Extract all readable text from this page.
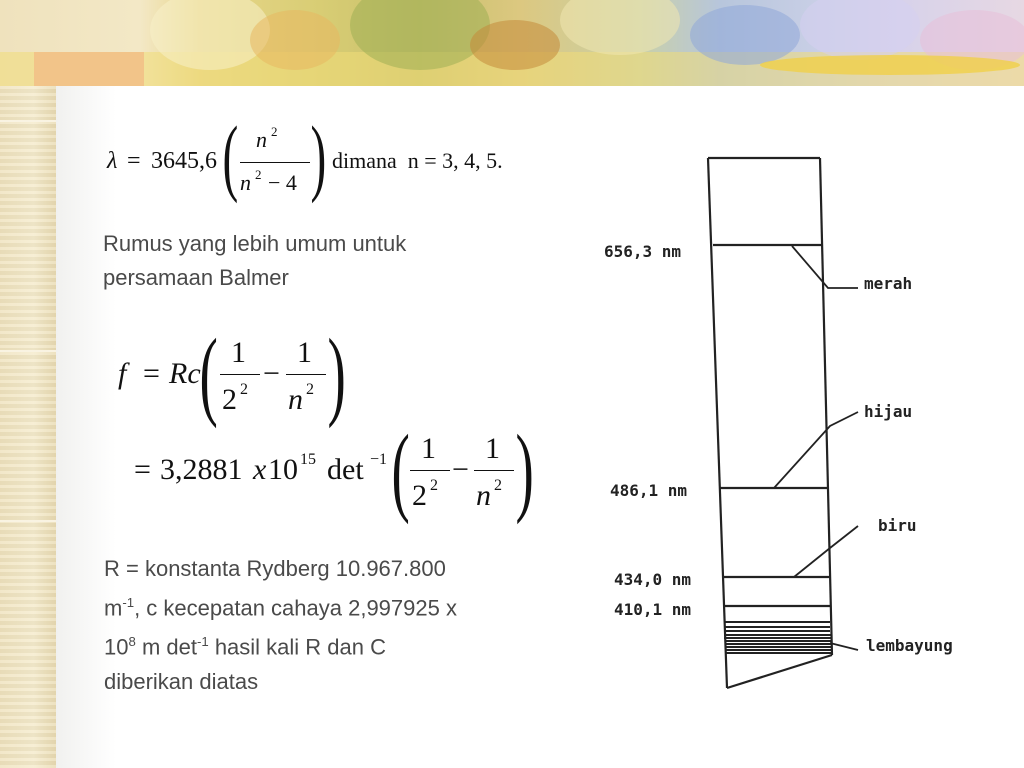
λ = 3645,6 ( n 2
n 2 − 4 ) dimana  n = 3, 4, 5.
Rumus yang lebih umum untuk
persamaan Balmer
f = Rc
( 1
2 2 −
1
n 2 )
= 3,2881 x 10 15 det −1 ( 1
2 2 −
1
n 2 )
R = konstanta Rydberg 10.967.800
$m^{-1}$, c kecepatan cahaya 2,997925 x
$10^8$ m $\det^{-1}$ hasil kali R dan C
diberikan diatas
656,3 nm
486,1 nm
434,0 nm
410,1 nm
merah
hijau
biru
lembayung
